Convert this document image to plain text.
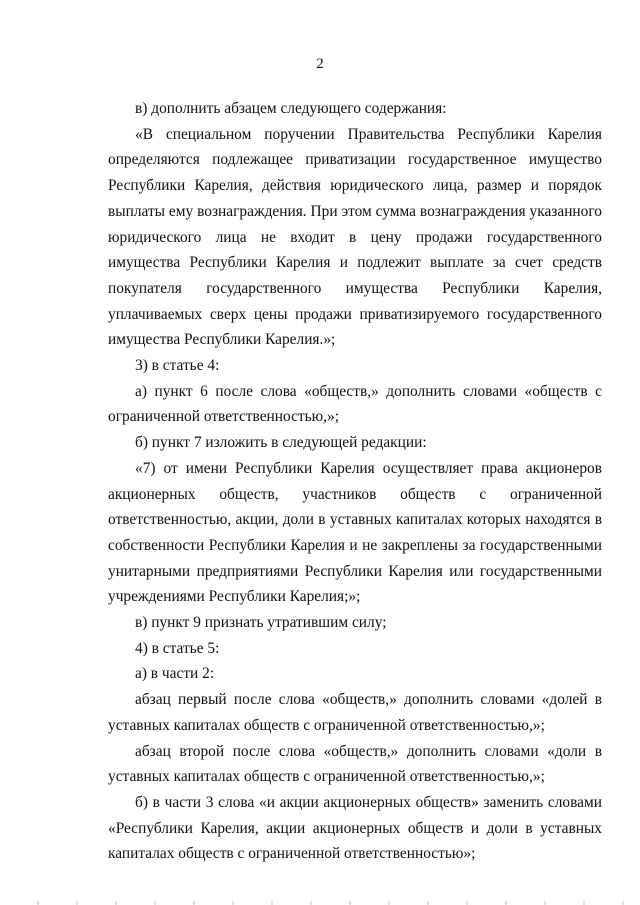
2

в) дополнить абзацем следующего содержания:

«В специальном поручении Правительства Республики Карелия определяются подлежащее приватизации государственное имущество Республики Карелия, действия юридического лица, размер и порядок выплаты ему вознаграждения. При этом сумма вознаграждения указанного юридического лица не входит в цену продажи государственного имущества Республики Карелия и подлежит выплате за счет средств покупателя государственного имущества Республики Карелия, уплачиваемых сверх цены продажи приватизируемого государственного имущества Республики Карелия.»;

3) в статье 4:

а) пункт 6 после слова «обществ,» дополнить словами «обществ с ограниченной ответственностью,»;

б) пункт 7 изложить в следующей редакции:

«7) от имени Республики Карелия осуществляет права акционеров акционерных обществ, участников обществ с ограниченной ответственностью, акции, доли в уставных капиталах которых находятся в собственности Республики Карелия и не закреплены за государственными унитарными предприятиями Республики Карелия или государственными учреждениями Республики Карелия;»;

в) пункт 9 признать утратившим силу;

4) в статье 5:

а) в части 2:

абзац первый после слова «обществ,» дополнить словами «долей в уставных капиталах обществ с ограниченной ответственностью,»;

абзац второй после слова «обществ,» дополнить словами «доли в уставных капиталах обществ с ограниченной ответственностью,»;

б) в части 3 слова «и акции акционерных обществ» заменить словами «Республики Карелия, акции акционерных обществ и доли в уставных капиталах обществ с ограниченной ответственностью»;
